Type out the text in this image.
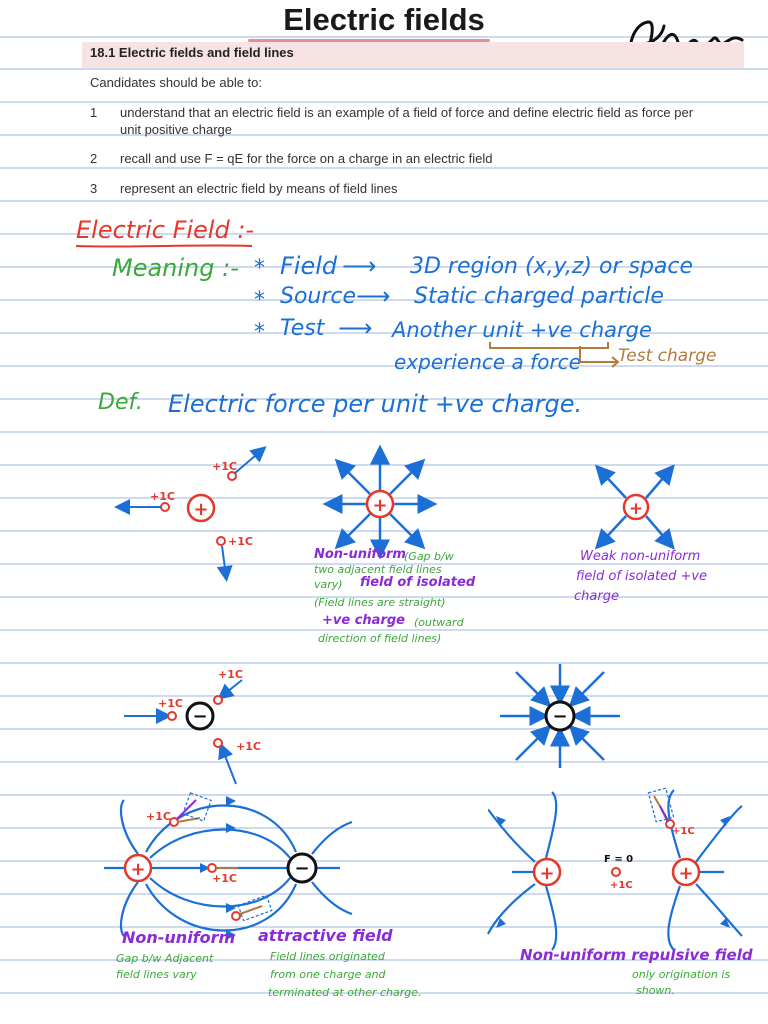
Electric fields
18.1 Electric fields and field lines
Candidates should be able to:
1 understand that an electric field is an example of a field of force and define electric field as force per
unit positive charge
2 recall and use F = qE for the force on a charge in an electric field
3 represent an electric field by means of field lines
Electric Field :-
Meaning :- * Field ⟶ 3D region (x,y,z) or space
* Source ⟶ Static charged particle
* Test ⟶ Another unit +ve charge
experience a force Test charge
Def. Electric force per unit +ve charge.
+
+1C
+1C
+1C
+	+
−
+1C
+1C
+1C
−
+	−
+1C
+1C
+	+
F = 0
+1C
+1C
Non-uniform
(Gap b/w
two adjacent field lines
vary) field of isolated
(Field lines are straight)
+ve charge (outward
direction of field lines)
Weak non-uniform
field of isolated +ve
charge
Non-uniform attractive field
Gap b/w Adjacent
field lines vary
Field lines originated
from one charge and
terminated at other charge.
Non-uniform repulsive field
only origination is
shown.
